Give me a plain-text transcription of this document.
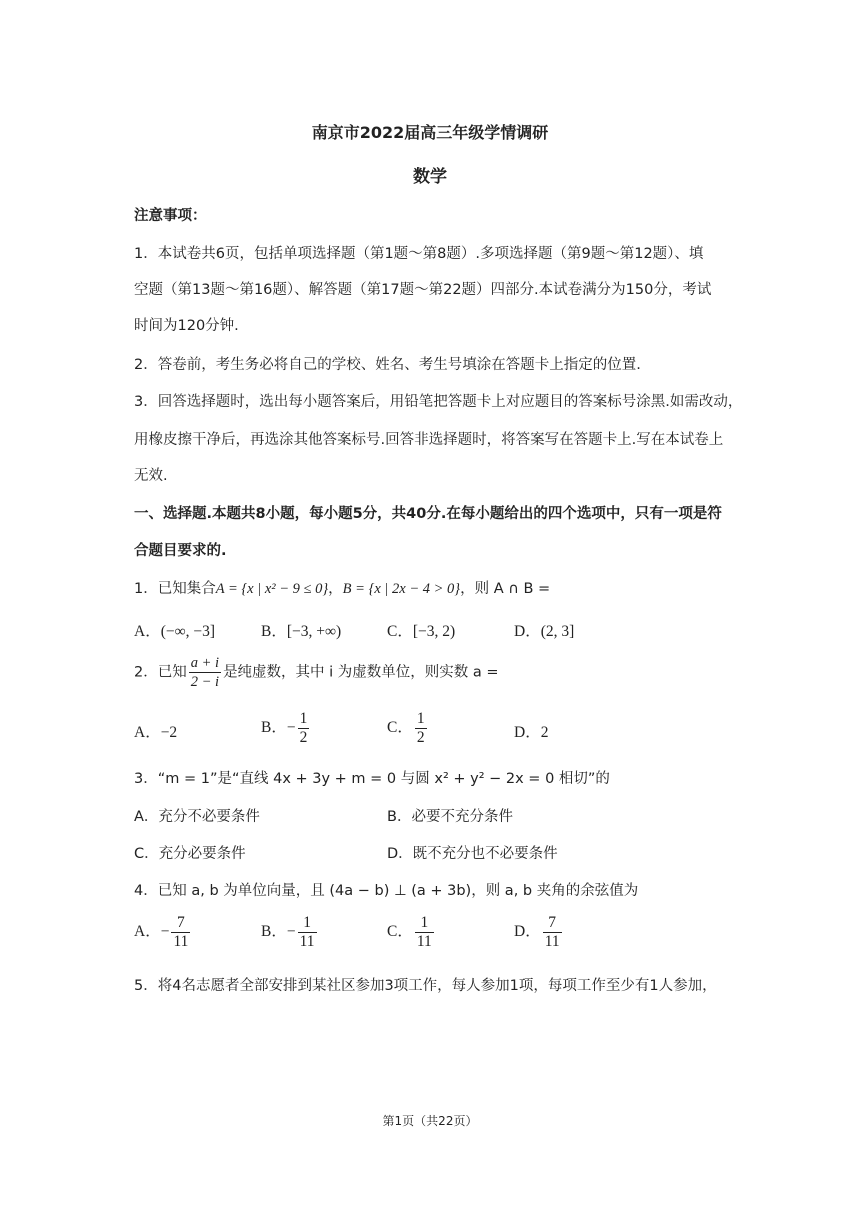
南京市2022届高三年级学情调研
数学
注意事项：
1．本试卷共6页，包括单项选择题（第1题～第8题）.多项选择题（第9题～第12题）、填
空题（第13题～第16题）、解答题（第17题～第22题）四部分.本试卷满分为150分，考试
时间为120分钟.
2．答卷前，考生务必将自己的学校、姓名、考生号填涂在答题卡上指定的位置.
3．回答选择题时，选出每小题答案后，用铅笔把答题卡上对应题目的答案标号涂黑.如需改动，
用橡皮擦干净后，再选涂其他答案标号.回答非选择题时，将答案写在答题卡上.写在本试卷上
无效.
一、选择题.本题共8小题，每小题5分，共40分.在每小题给出的四个选项中，只有一项是符
合题目要求的.
1．已知集合A = {x | x² − 9 ≤ 0}，B = {x | 2x − 4 > 0}，则 A ∩ B =
A．(−∞, −3]	B．[−3, +∞)	C．[−3, 2)	D．(2, 3]
2．已知 $\frac{a + i}{2 - i}$ 是纯虚数，其中 i 为虚数单位，则实数 a =
A．−2	B．− $\frac{1}{2}$	C． $\frac{1}{2}$	D．2
3．“m = 1”是“直线 4x + 3y + m = 0 与圆 x² + y² − 2x = 0 相切”的
A．充分不必要条件	B．必要不充分条件
C．充分必要条件	D．既不充分也不必要条件
4．已知 a, b 为单位向量，且 (4a − b) ⊥ (a + 3b)，则 a, b 夹角的余弦值为
A．− $\frac{7}{11}$	B．− $\frac{1}{11}$	C． $\frac{1}{11}$	D． $\frac{7}{11}$
5．将4名志愿者全部安排到某社区参加3项工作，每人参加1项，每项工作至少有1人参加，
第1页（共22页）
